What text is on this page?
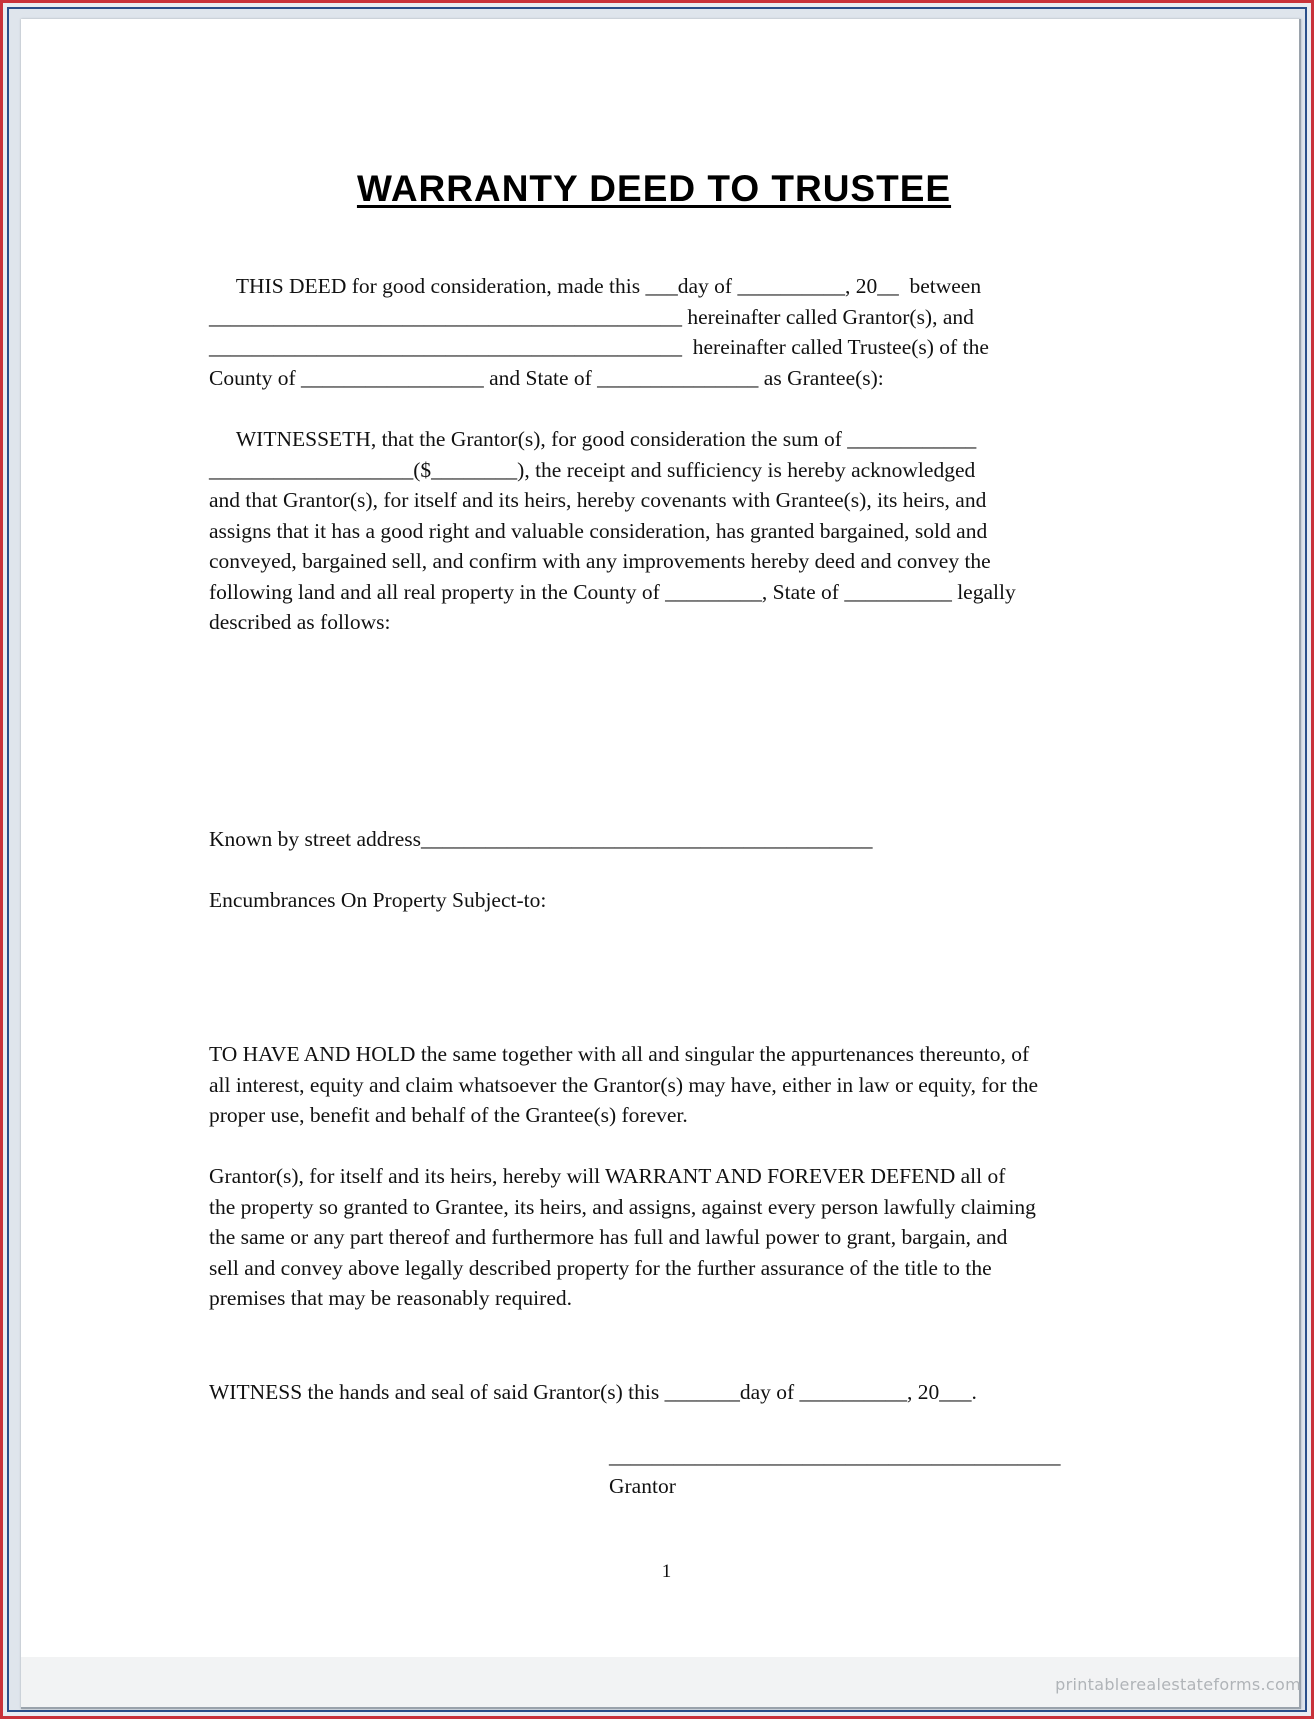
WARRANTY DEED TO TRUSTEE

THIS DEED for good consideration, made this ___day of __________, 20__  between
____________________________________________ hereinafter called Grantor(s), and
____________________________________________  hereinafter called Trustee(s) of the
County of _________________ and State of _______________ as Grantee(s):

WITNESSETH, that the Grantor(s), for good consideration the sum of ____________
___________________($________), the receipt and sufficiency is hereby acknowledged
and that Grantor(s), for itself and its heirs, hereby covenants with Grantee(s), its heirs, and
assigns that it has a good right and valuable consideration, has granted bargained, sold and
conveyed, bargained sell, and confirm with any improvements hereby deed and convey the
following land and all real property in the County of _________, State of __________ legally
described as follows:

Known by street address__________________________________________

Encumbrances On Property Subject-to:

TO HAVE AND HOLD the same together with all and singular the appurtenances thereunto, of
all interest, equity and claim whatsoever the Grantor(s) may have, either in law or equity, for the
proper use, benefit and behalf of the Grantee(s) forever.

Grantor(s), for itself and its heirs, hereby will WARRANT AND FOREVER DEFEND all of
the property so granted to Grantee, its heirs, and assigns, against every person lawfully claiming
the same or any part thereof and furthermore has full and lawful power to grant, bargain, and
sell and convey above legally described property for the further assurance of the title to the
premises that may be reasonably required.

WITNESS the hands and seal of said Grantor(s) this _______day of __________, 20___.

__________________________________________
Grantor
1
printablerealestateforms.com
